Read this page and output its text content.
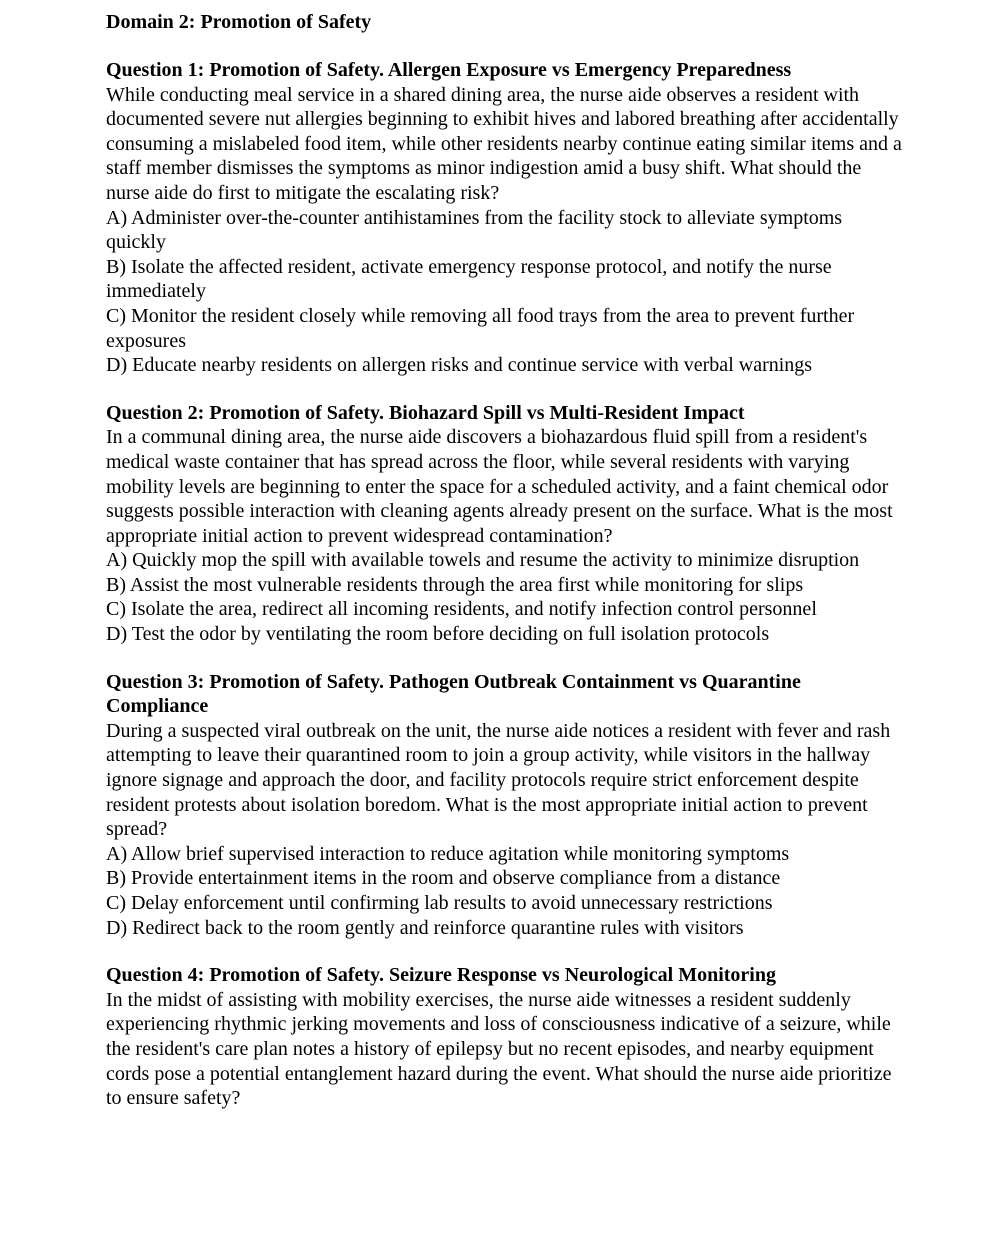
Domain 2: Promotion of Safety
Question 1: Promotion of Safety. Allergen Exposure vs Emergency Preparedness
While conducting meal service in a shared dining area, the nurse aide observes a resident with documented severe nut allergies beginning to exhibit hives and labored breathing after accidentally consuming a mislabeled food item, while other residents nearby continue eating similar items and a staff member dismisses the symptoms as minor indigestion amid a busy shift. What should the nurse aide do first to mitigate the escalating risk?
A) Administer over-the-counter antihistamines from the facility stock to alleviate symptoms quickly
B) Isolate the affected resident, activate emergency response protocol, and notify the nurse immediately
C) Monitor the resident closely while removing all food trays from the area to prevent further exposures
D) Educate nearby residents on allergen risks and continue service with verbal warnings
Question 2: Promotion of Safety. Biohazard Spill vs Multi-Resident Impact
In a communal dining area, the nurse aide discovers a biohazardous fluid spill from a resident's medical waste container that has spread across the floor, while several residents with varying mobility levels are beginning to enter the space for a scheduled activity, and a faint chemical odor suggests possible interaction with cleaning agents already present on the surface. What is the most appropriate initial action to prevent widespread contamination?
A) Quickly mop the spill with available towels and resume the activity to minimize disruption
B) Assist the most vulnerable residents through the area first while monitoring for slips
C) Isolate the area, redirect all incoming residents, and notify infection control personnel
D) Test the odor by ventilating the room before deciding on full isolation protocols
Question 3: Promotion of Safety. Pathogen Outbreak Containment vs Quarantine Compliance
During a suspected viral outbreak on the unit, the nurse aide notices a resident with fever and rash attempting to leave their quarantined room to join a group activity, while visitors in the hallway ignore signage and approach the door, and facility protocols require strict enforcement despite resident protests about isolation boredom. What is the most appropriate initial action to prevent spread?
A) Allow brief supervised interaction to reduce agitation while monitoring symptoms
B) Provide entertainment items in the room and observe compliance from a distance
C) Delay enforcement until confirming lab results to avoid unnecessary restrictions
D) Redirect back to the room gently and reinforce quarantine rules with visitors
Question 4: Promotion of Safety. Seizure Response vs Neurological Monitoring
In the midst of assisting with mobility exercises, the nurse aide witnesses a resident suddenly experiencing rhythmic jerking movements and loss of consciousness indicative of a seizure, while the resident's care plan notes a history of epilepsy but no recent episodes, and nearby equipment cords pose a potential entanglement hazard during the event. What should the nurse aide prioritize to ensure safety?
